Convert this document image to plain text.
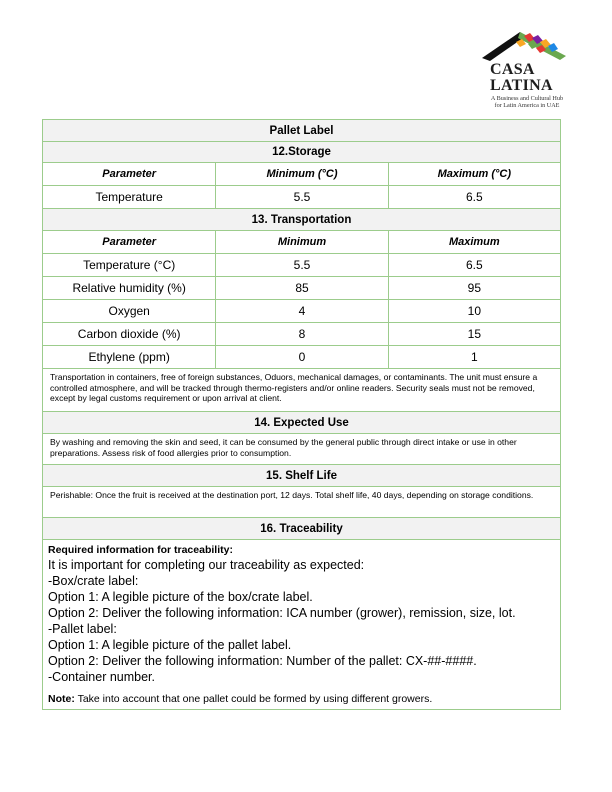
CASA
LATINA
A Business and Cultural Hub
for Latin America in UAE
Pallet Label
12.Storage
Parameter	Minimum (°C)	Maximum (°C)
Temperature	5.5	6.5
13. Transportation
Parameter	Minimum	Maximum
Temperature (°C)	5.5	6.5
Relative humidity (%)	85	95
Oxygen	4	10
Carbon dioxide (%)	8	15
Ethylene (ppm)	0	1
Transportation in containers, free of foreign substances, Oduors, mechanical damages, or contaminants. The unit must ensure a controlled atmosphere, and will be tracked through thermo-registers and/or online readers. Security seals must not be removed, except by legal customs requirement or upon arrival at client.
14. Expected Use
By washing and removing the skin and seed, it can be consumed by the general public through direct intake or use in other preparations. Assess risk of food allergies prior to consumption.
15. Shelf Life
Perishable: Once the fruit is received at the destination port, 12 days. Total shelf life, 40 days, depending on storage conditions.
16. Traceability
Required information for traceability:
It is important for completing our traceability as expected:
-Box/crate label:
Option 1: A legible picture of the box/crate label.
Option 2: Deliver the following information: ICA number (grower), remission, size, lot.
-Pallet label:
Option 1: A legible picture of the pallet label.
Option 2: Deliver the following information: Number of the pallet: CX-##-####.
-Container number.
Note: Take into account that one pallet could be formed by using different growers.
